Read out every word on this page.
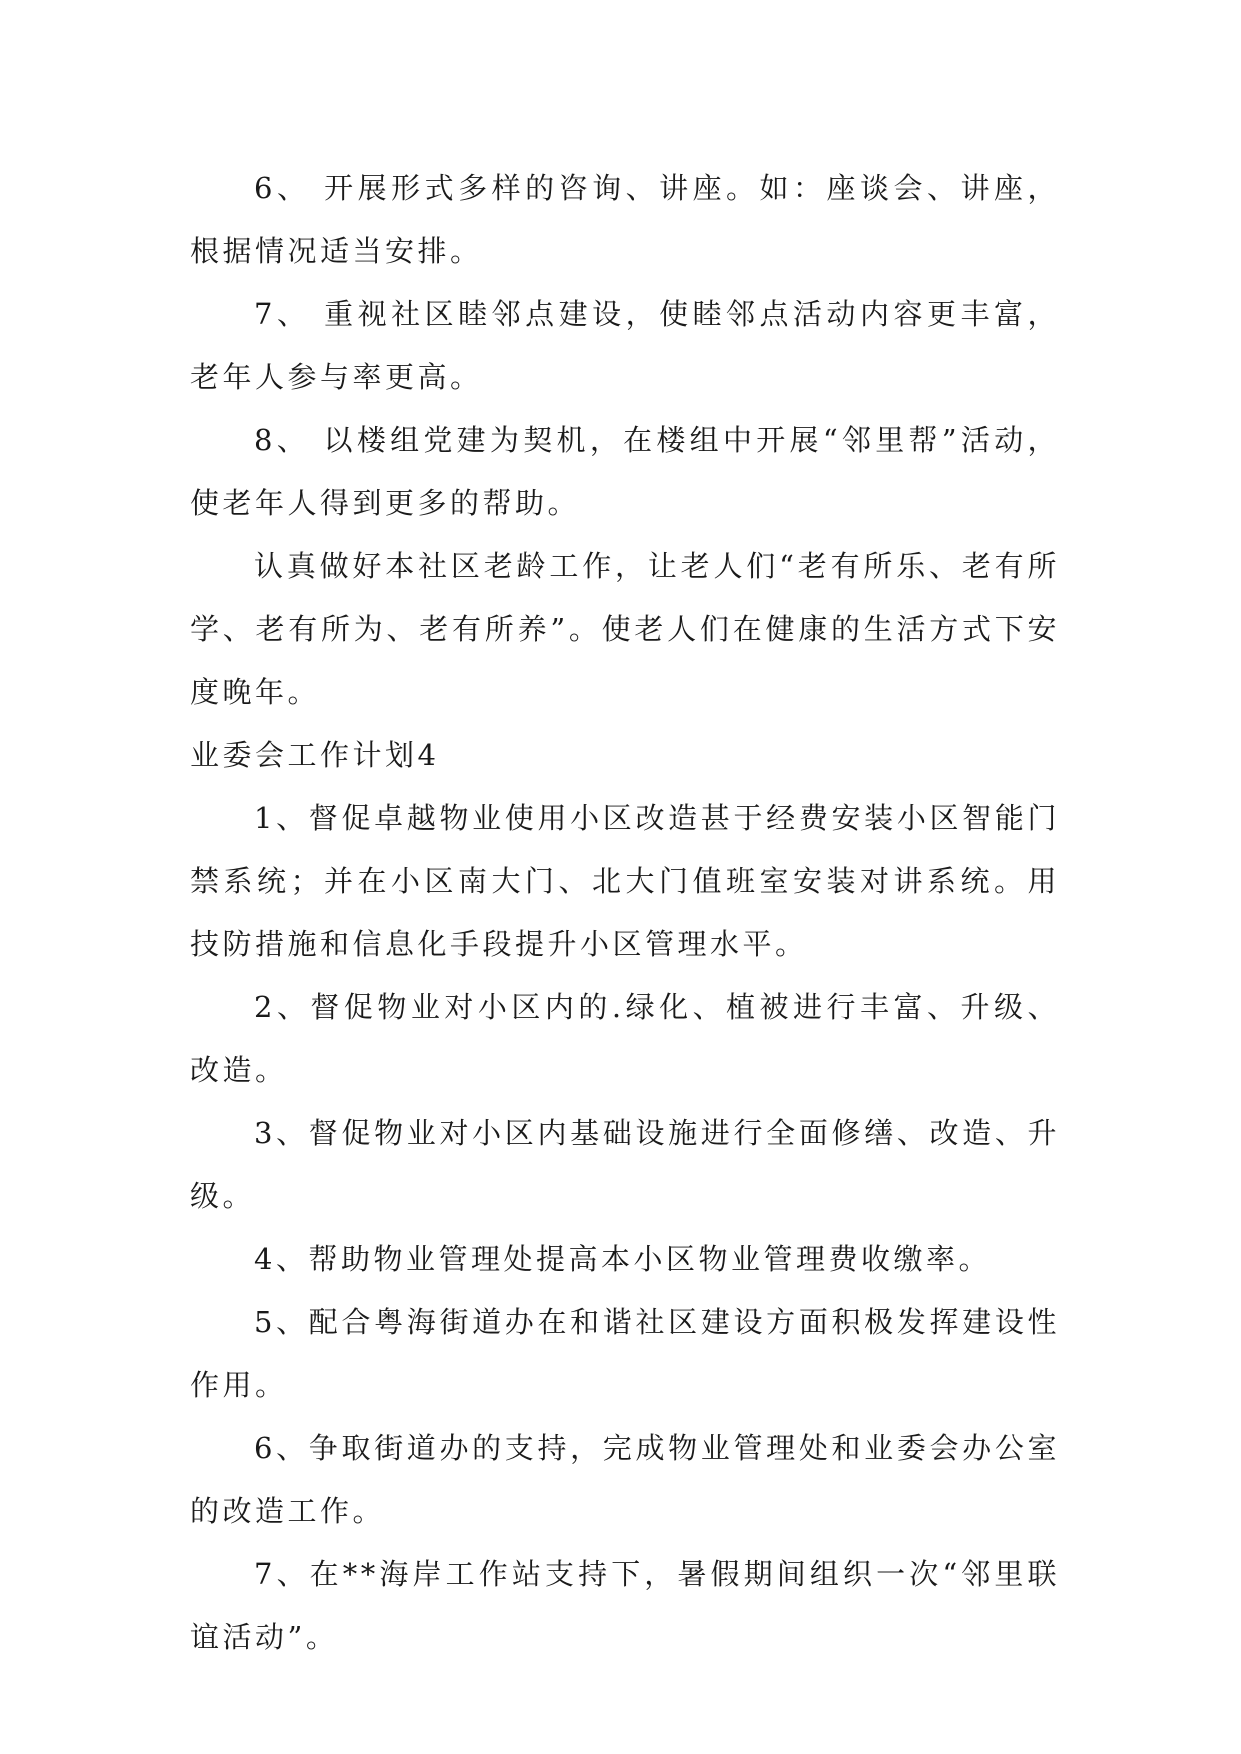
6、 开展形式多样的咨询、讲座。如：座谈会、讲座，根据情况适当安排。

7、 重视社区睦邻点建设，使睦邻点活动内容更丰富，老年人参与率更高。

8、 以楼组党建为契机，在楼组中开展“邻里帮”活动，使老年人得到更多的帮助。

认真做好本社区老龄工作，让老人们“老有所乐、老有所学、老有所为、老有所养”。使老人们在健康的生活方式下安度晚年。

业委会工作计划4

1、督促卓越物业使用小区改造甚于经费安装小区智能门禁系统；并在小区南大门、北大门值班室安装对讲系统。用技防措施和信息化手段提升小区管理水平。

2、督促物业对小区内的.绿化、植被进行丰富、升级、改造。

3、督促物业对小区内基础设施进行全面修缮、改造、升级。

4、帮助物业管理处提高本小区物业管理费收缴率。

5、配合粤海街道办在和谐社区建设方面积极发挥建设性作用。

6、争取街道办的支持，完成物业管理处和业委会办公室的改造工作。

7、在**海岸工作站支持下，暑假期间组织一次“邻里联谊活动”。
